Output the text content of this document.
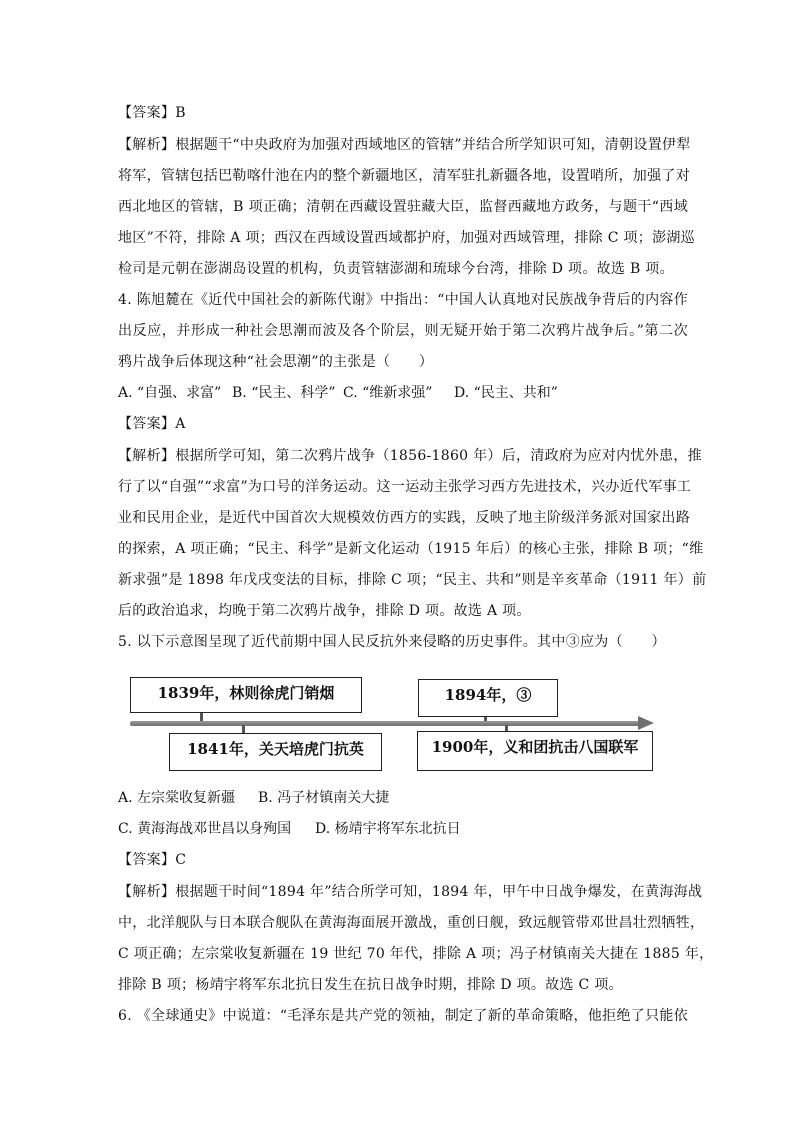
【答案】B
【解析】根据题干“中央政府为加强对西域地区的管辖”并结合所学知识可知，清朝设置伊犁
将军，管辖包括巴勒喀什池在内的整个新疆地区，清军驻扎新疆各地，设置哨所，加强了对
西北地区的管辖，B 项正确；清朝在西藏设置驻藏大臣，监督西藏地方政务，与题干“西域
地区”不符，排除 A 项；西汉在西域设置西域都护府，加强对西域管理，排除 C 项；澎湖巡
检司是元朝在澎湖岛设置的机构，负责管辖澎湖和琉球今台湾，排除 D 项。故选 B 项。
4. 陈旭麓在《近代中国社会的新陈代谢》中指出：“中国人认真地对民族战争背后的内容作
出反应，并形成一种社会思潮而波及各个阶层，则无疑开始于第二次鸦片战争后。”第二次
鸦片战争后体现这种“社会思潮”的主张是（　　）
A. “自强、求富” B. “民主、科学” C. “维新求强” D. “民主、共和”
【答案】A
【解析】根据所学可知，第二次鸦片战争（1856-1860 年）后，清政府为应对内忧外患，推
行了以“自强”“求富”为口号的洋务运动。这一运动主张学习西方先进技术，兴办近代军事工
业和民用企业，是近代中国首次大规模效仿西方的实践，反映了地主阶级洋务派对国家出路
的探索，A 项正确；“民主、科学”是新文化运动（1915 年后）的核心主张，排除 B 项；“维
新求强”是 1898 年戊戌变法的目标，排除 C 项；“民主、共和”则是辛亥革命（1911 年）前
后的政治追求，均晚于第二次鸦片战争，排除 D 项。故选 A 项。
5. 以下示意图呈现了近代前期中国人民反抗外来侵略的历史事件。其中③应为（　　）
1839年，林则徐虎门销烟
1841年，关天培虎门抗英
1894年，③
1900年，义和团抗击八国联军
A. 左宗棠收复新疆 B. 冯子材镇南关大捷
C. 黄海海战邓世昌以身殉国 D. 杨靖宇将军东北抗日
【答案】C
【解析】根据题干时间“1894 年”结合所学可知，1894 年，甲午中日战争爆发，在黄海海战
中，北洋舰队与日本联合舰队在黄海海面展开激战，重创日舰，致远舰管带邓世昌壮烈牺牲，
C 项正确；左宗棠收复新疆在 19 世纪 70 年代，排除 A 项；冯子材镇南关大捷在 1885 年，
排除 B 项；杨靖宇将军东北抗日发生在抗日战争时期，排除 D 项。故选 C 项。
6. 《全球通史》中说道：“毛泽东是共产党的领袖，制定了新的革命策略，他拒绝了只能依
